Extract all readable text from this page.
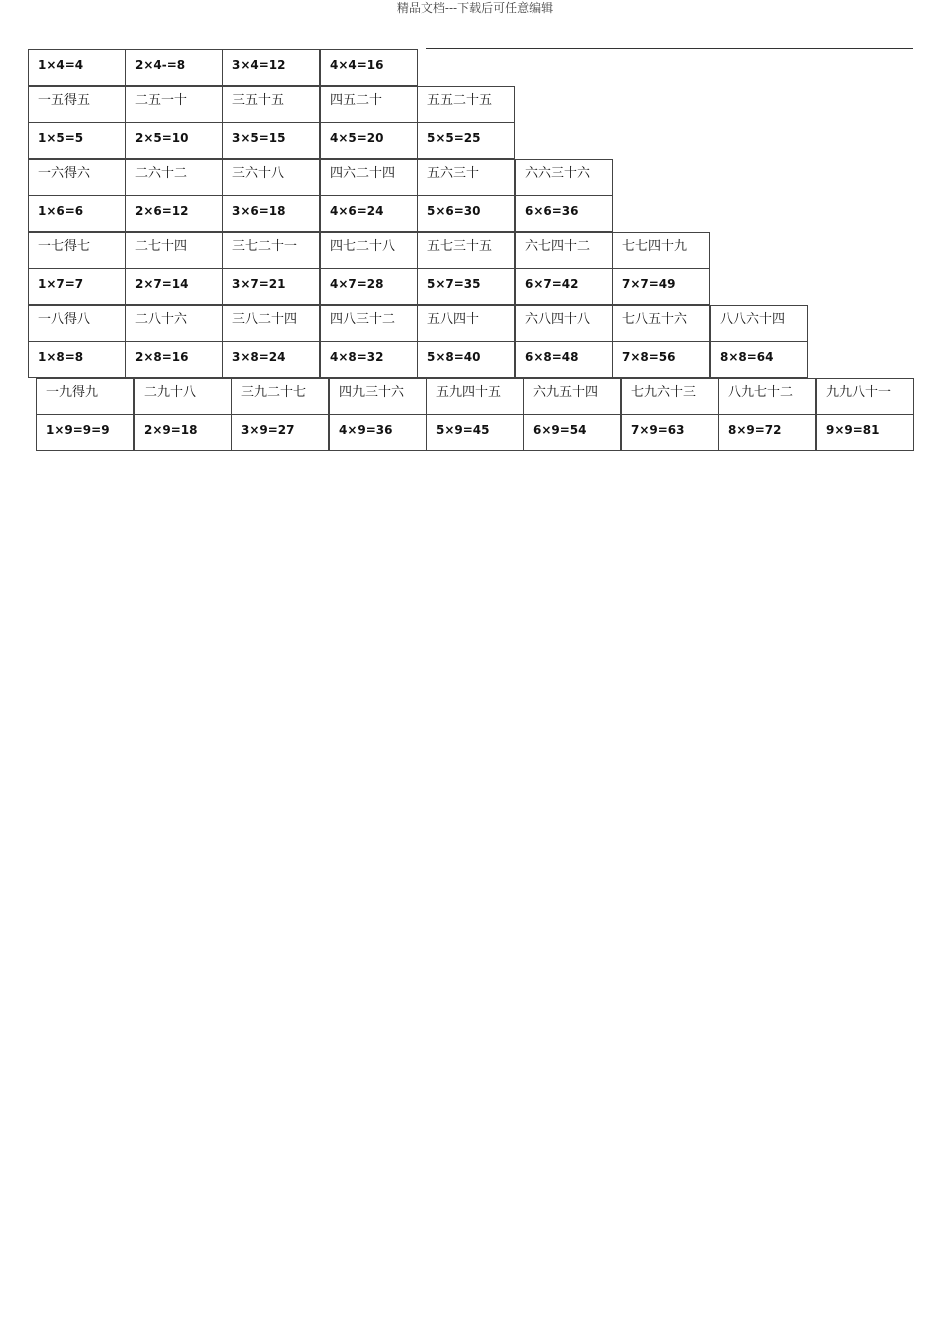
精品文档---下载后可任意编辑
1×4=4	2×4-=8	3×4=12	4×4=16
一五得五	二五一十	三五十五	四五二十	五五二十五
1×5=5	2×5=10	3×5=15	4×5=20	5×5=25
一六得六	二六十二	三六十八	四六二十四	五六三十	六六三十六
1×6=6	2×6=12	3×6=18	4×6=24	5×6=30	6×6=36
一七得七	二七十四	三七二十一	四七二十八	五七三十五	六七四十二	七七四十九
1×7=7	2×7=14	3×7=21	4×7=28	5×7=35	6×7=42	7×7=49
一八得八	二八十六	三八二十四	四八三十二	五八四十	六八四十八	七八五十六	八八六十四
1×8=8	2×8=16	3×8=24	4×8=32	5×8=40	6×8=48	7×8=56	8×8=64
一九得九	二九十八	三九二十七	四九三十六	五九四十五	六九五十四	七九六十三	八九七十二	九九八十一
1×9=9=9	2×9=18	3×9=27	4×9=36	5×9=45	6×9=54	7×9=63	8×9=72	9×9=81
